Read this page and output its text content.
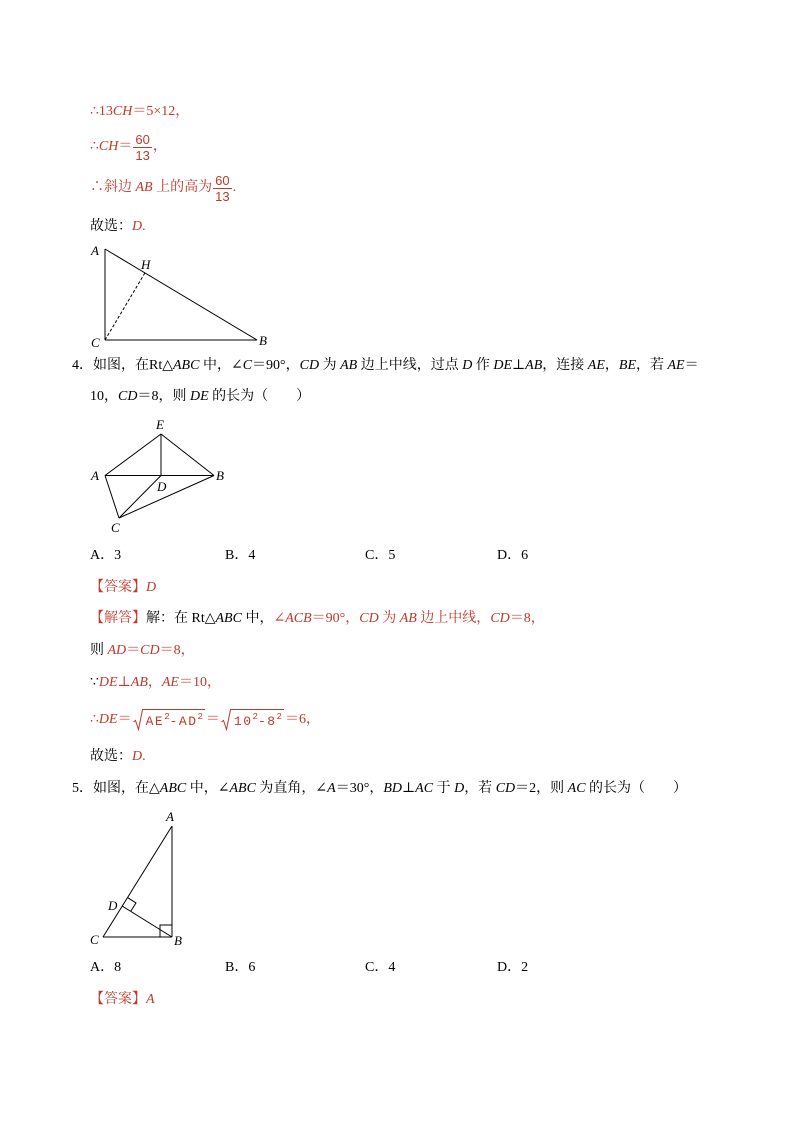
∴13 CH ＝5×12，
∴ CH ＝ $\frac{60}{13}$ ，
∴斜边 AB 上的高为 $\frac{60}{13}$ .
故选： D .
A
H
C	B
4． 如图，在Rt△ ABC 中，∠ C ＝90°， CD 为 AB 边上中线，过点 D 作 DE ⊥ AB ，连接 AE ， BE ，若 AE ＝
10， CD ＝8，则 DE 的长为（　　）
A
E
D
B
C
A．3	B．4	C．5	D．6
【答案】 D
【解答】 解：在 Rt△ ABC 中， ∠ ACB ＝90°， CD 为 AB 边上中线， CD ＝8，
则 AD ＝ CD ＝8，
∵ DE ⊥ AB ， AE ＝10，
∴ DE ＝ $AE^2-AD^2 = 10^2-8^2 =6$，
故选： D .
5． 如图，在△ ABC 中，∠ ABC 为直角，∠ A ＝30°， BD ⊥ AC 于 D ，若 CD ＝2，则 AC 的长为（　　）
A
D
C	B
A．8	B．6	C．4	D．2
【答案】 A
